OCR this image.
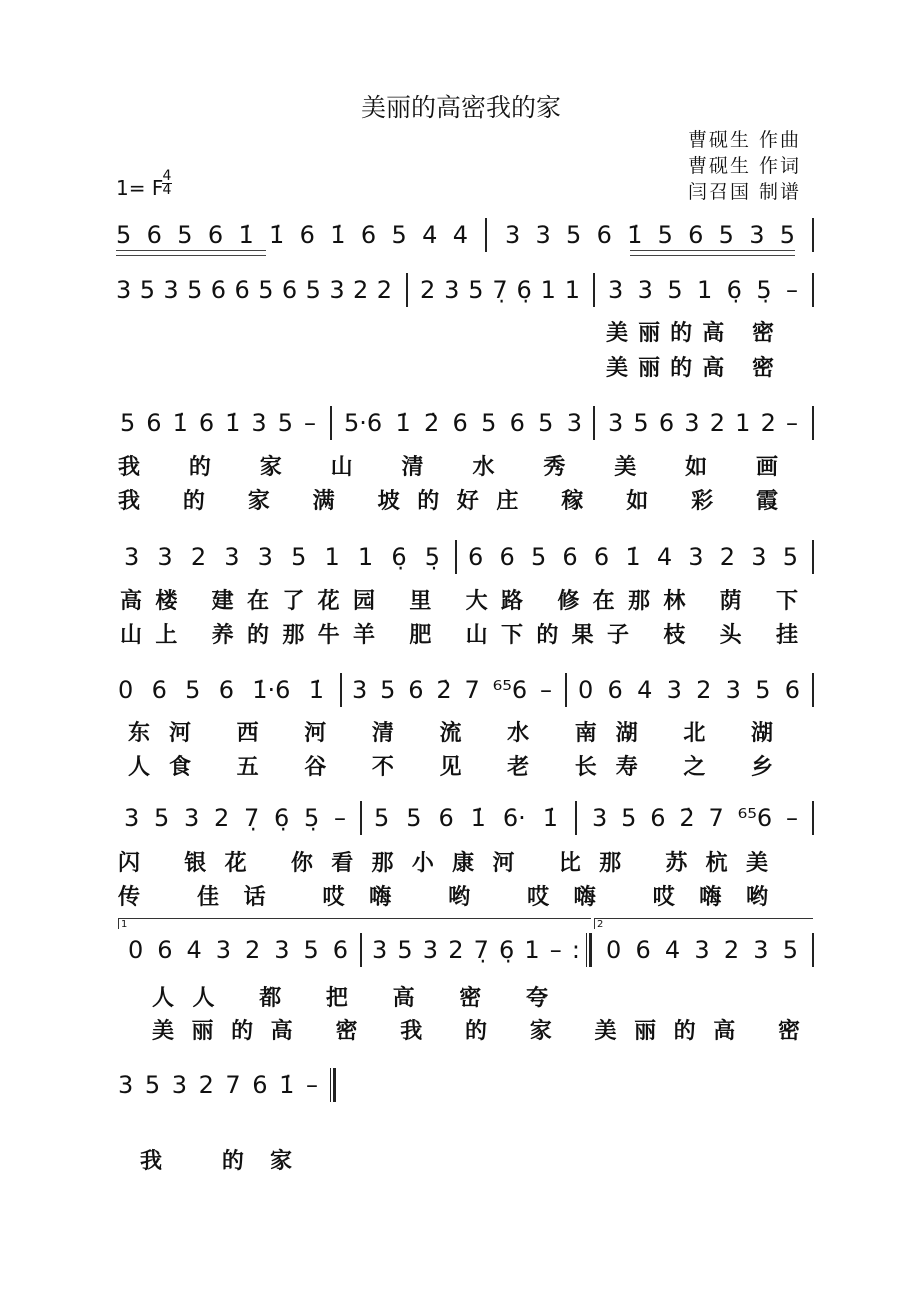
美丽的高密我的家
曹砚生 作曲
曹砚生 作词
闫召国 制谱
1= F 4
4
5 6 5 6 1̇ 1̇ 6 1̇ 6 5 4 4 3 3 5 6 1̇ 5 6 5 3 5
3 5 3 5 6 6 5 6 5 3 2 2 2 3 5 7̣ 6̣ 1 1 3 3 5 1 6̣ 5̣ –
美丽的高 密
美丽的高 密
5 6 1̇ 6 1̇ 3 5 – 5·6 1̇ 2̇ 6 5 6 5 3 3 5 6 3 2 1 2 –
我 的 家 山 清 水 秀 美 如 画
我 的 家 满 坡的好庄 稼 如 彩 霞
3 3 2 3 3 5 1 1 6̣ 5̣ 6 6 5 6 6 1̇ 4 3 2 3 5
高楼 建在了花园 里 大路 修在那林 荫 下
山上 养的那牛羊 肥 山下的果子 枝 头 挂
0 6 5 6 1̇·6 1̇ 3 5 6 2̇ 7 ⁶⁵6 – 0 6 4 3 2 3 5 6
东河 西 河 清 流 水 南湖 北 湖
人食 五 谷 不 见 老 长寿 之 乡
3 5 3 2 7̣ 6̣ 5̣ – 5 5 6 1̇ 6· 1̇ 3 5 6 2̇ 7 ⁶⁵6 –
闪 银花 你看那小康河 比那 苏杭美
传 佳话 哎嗨 哟 哎嗨 哎嗨哟
1	2
0 6 4 3 2 3 5 6 3 5 3 2 7̣ 6̣ 1 – : 0 6 4 3 2 3 5
人人 都 把 高 密 夸
美丽的高 密 我 的 家 美丽的高 密
3 5 3 2 7 6 1̇ –
我 的家
